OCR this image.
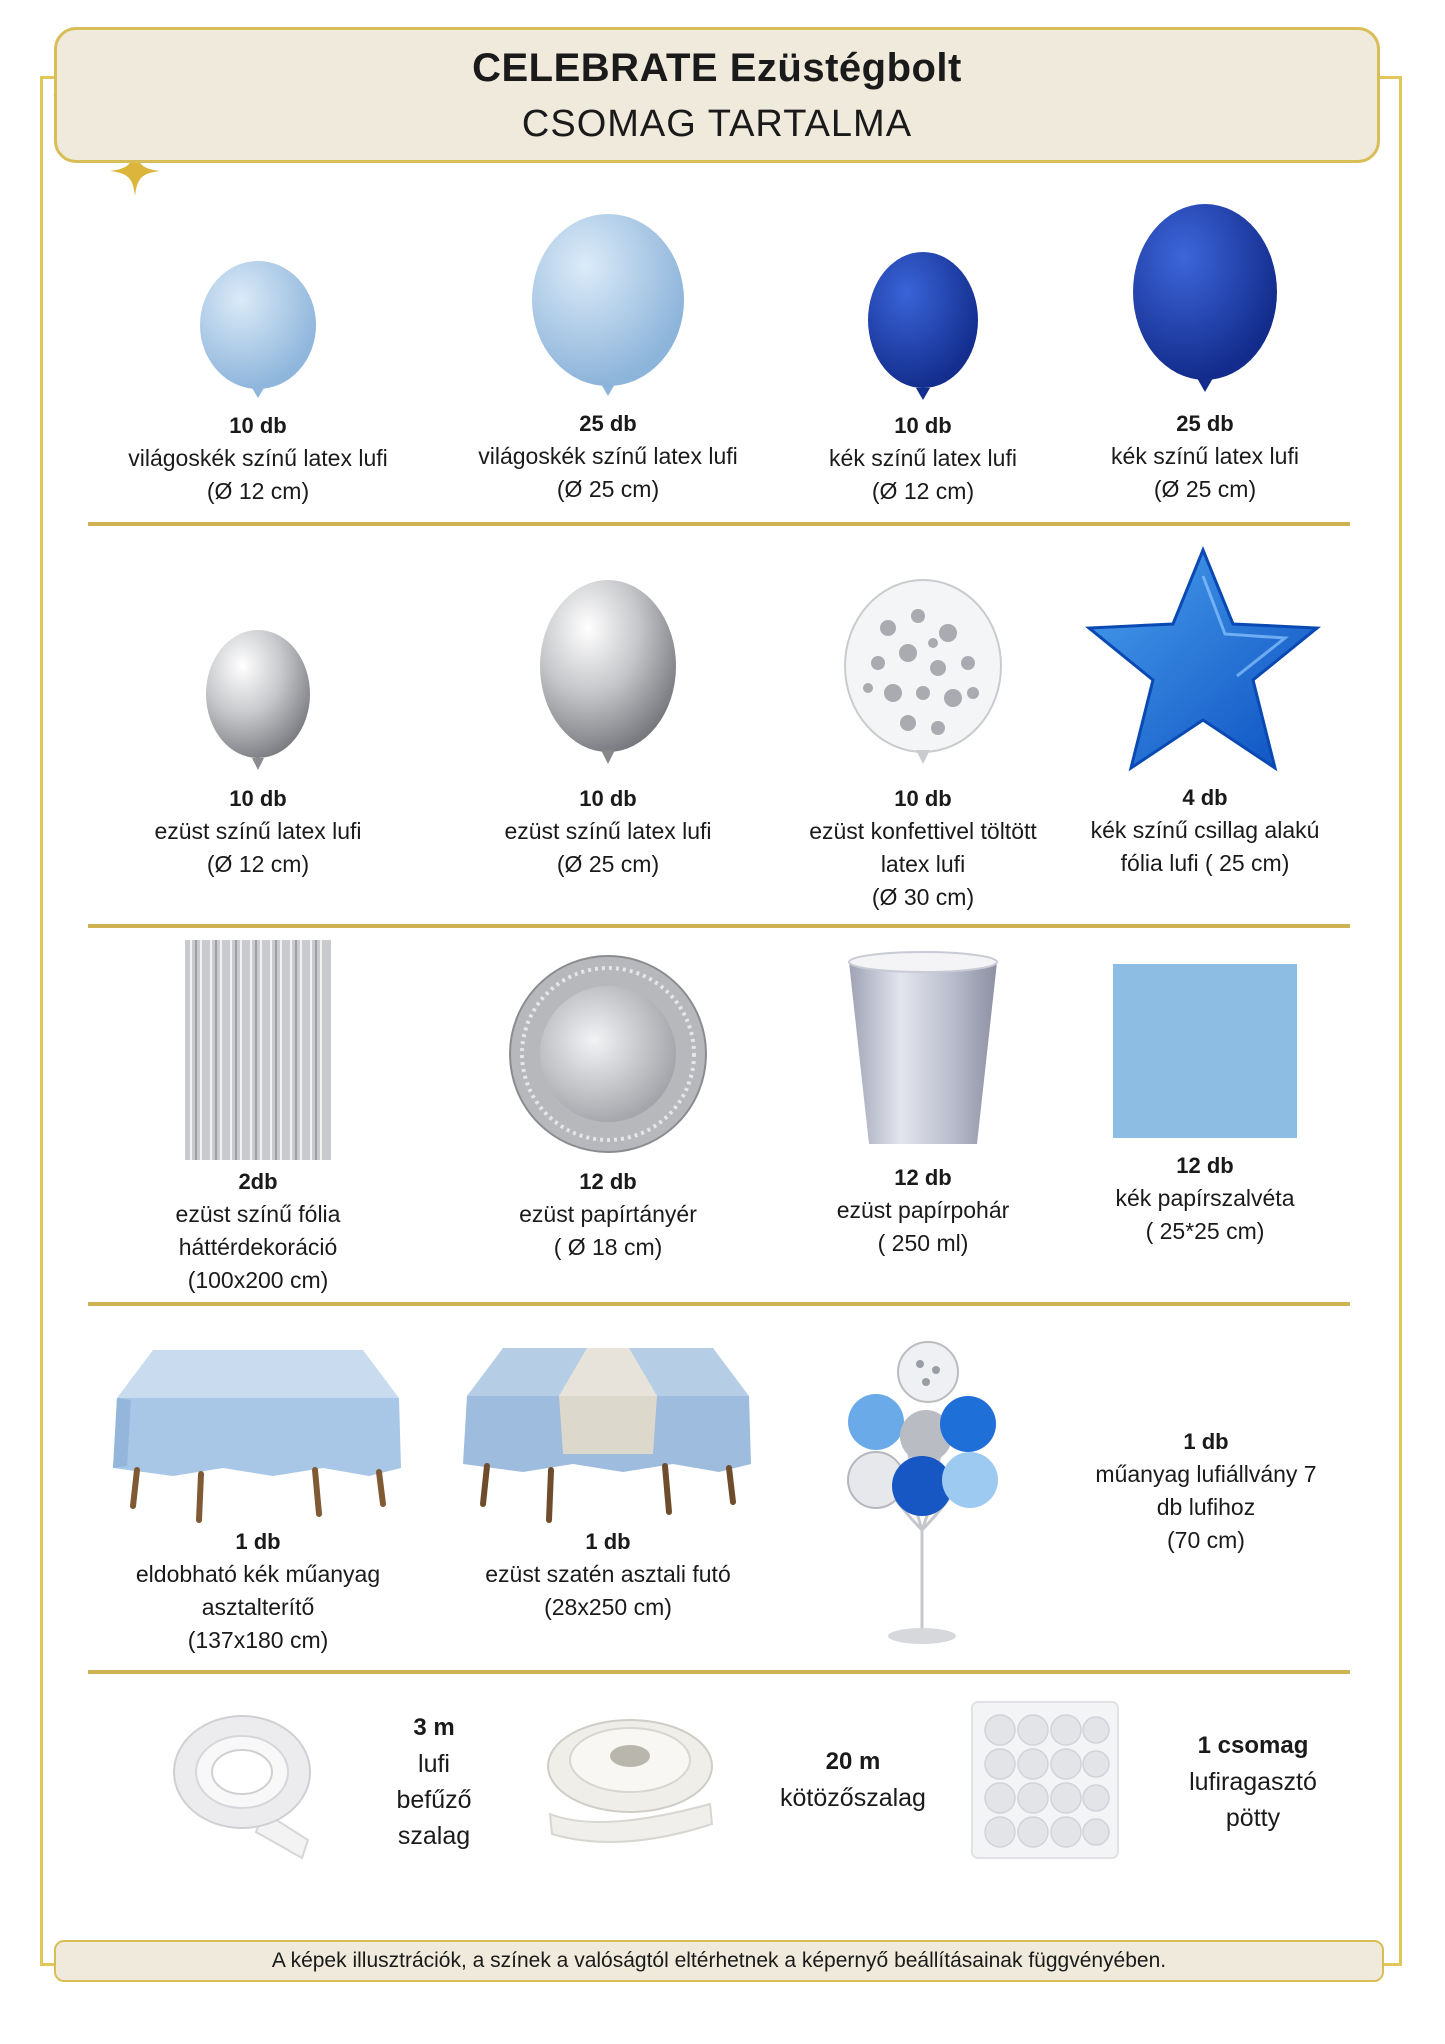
CELEBRATE Ezüstégbolt
CSOMAG TARTALMA
10 db
világoskék színű latex lufi
(Ø 12 cm)
25 db
világoskék színű latex lufi
(Ø 25 cm)
10 db
kék színű latex lufi
(Ø 12 cm)
25 db
kék színű latex lufi
(Ø 25 cm)
10 db
ezüst színű latex lufi
(Ø 12 cm)
10 db
ezüst színű latex lufi
(Ø 25 cm)
10 db
ezüst konfettivel töltött
latex lufi
(Ø 30 cm)
4 db
kék színű csillag alakú
fólia lufi ( 25 cm)
2db
ezüst színű fólia
háttérdekoráció
(100x200 cm)
12 db
ezüst papírtányér
( Ø 18 cm)
12 db
ezüst papírpohár
( 250 ml)
12 db
kék papírszalvéta
( 25*25 cm)
1 db
eldobható kék műanyag
asztalterítő
(137x180 cm)
1 db
ezüst szatén asztali futó
(28x250 cm)
1 db
műanyag lufiállvány 7
db lufihoz
(70 cm)
3 m
lufi
befűző
szalag
20 m
kötözőszalag
1 csomag
lufiragasztó
pötty
A képek illusztrációk, a színek a valóságtól eltérhetnek a képernyő beállításainak függvényében.
